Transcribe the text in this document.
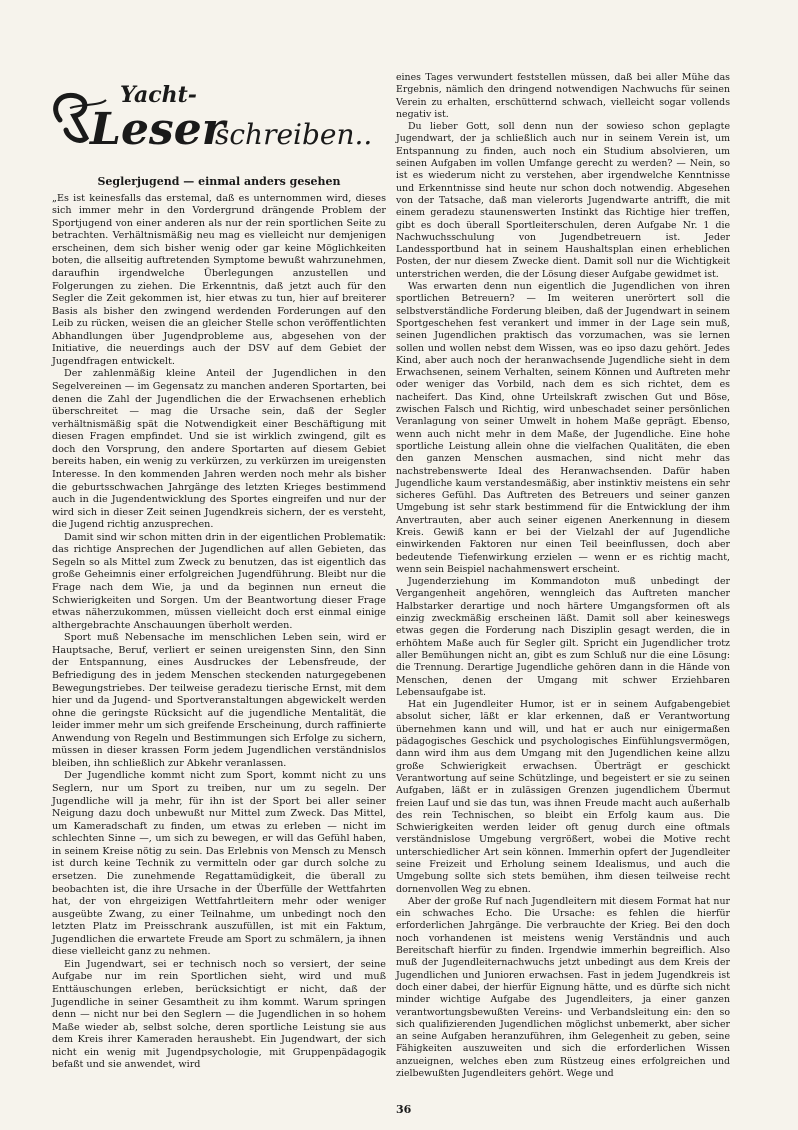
Yacht-
Leser
schreiben...
Seglerjugend — einmal anders gesehen

„Es ist keinesfalls das erstemal, daß es unternommen wird, dieses sich immer mehr in den Vordergrund drängende Problem der Sportjugend von einer anderen als nur der rein sportlichen Seite zu betrachten. Verhältnismäßig neu mag es vielleicht nur demjenigen erscheinen, dem sich bisher wenig oder gar keine Möglichkeiten boten, die allseitig auftretenden Symptome bewußt wahrzunehmen, daraufhin irgendwelche Überlegungen anzustellen und Folgerungen zu ziehen. Die Erkenntnis, daß jetzt auch für den Segler die Zeit gekommen ist, hier etwas zu tun, hier auf breiterer Basis als bisher den zwingend werdenden Forderungen auf den Leib zu rücken, weisen die an gleicher Stelle schon veröffentlichten Abhandlungen über Jugendprobleme aus, abgesehen von der Initiative, die neuerdings auch der DSV auf dem Gebiet der Jugendfragen entwickelt.

Der zahlenmäßig kleine Anteil der Jugendlichen in den Segelvereinen — im Gegensatz zu manchen anderen Sportarten, bei denen die Zahl der Jugendlichen die der Erwachsenen erheblich überschreitet — mag die Ursache sein, daß der Segler verhältnismäßig spät die Notwendigkeit einer Beschäftigung mit diesen Fragen empfindet. Und sie ist wirklich zwingend, gilt es doch den Vorsprung, den andere Sportarten auf diesem Gebiet bereits haben, ein wenig zu verkürzen, zu verkürzen im ureigensten Interesse. In den kommenden Jahren werden noch mehr als bisher die geburtsschwachen Jahrgänge des letzten Krieges bestimmend auch in die Jugendentwicklung des Sportes eingreifen und nur der wird sich in dieser Zeit seinen Jugendkreis sichern, der es versteht, die Jugend richtig anzusprechen.

Damit sind wir schon mitten drin in der eigentlichen Problematik: das richtige Ansprechen der Jugendlichen auf allen Gebieten, das Segeln so als Mittel zum Zweck zu benutzen, das ist eigentlich das große Geheimnis einer erfolgreichen Jugendführung. Bleibt nur die Frage nach dem Wie, ja und da beginnen nun erneut die Schwierigkeiten und Sorgen. Um der Beantwortung dieser Frage etwas näherzukommen, müssen vielleicht doch erst einmal einige althergebrachte Anschauungen überholt werden.

Sport muß Nebensache im menschlichen Leben sein, wird er Hauptsache, Beruf, verliert er seinen ureigensten Sinn, den Sinn der Entspannung, eines Ausdruckes der Lebensfreude, der Befriedigung des in jedem Menschen steckenden naturgegebenen Bewegungstriebes. Der teilweise geradezu tierische Ernst, mit dem hier und da Jugend- und Sportveranstaltungen abgewickelt werden ohne die geringste Rücksicht auf die jugendliche Mentalität, die leider immer mehr um sich greifende Erscheinung, durch raffinierte Anwendung von Regeln und Bestimmungen sich Erfolge zu sichern, müssen in dieser krassen Form jedem Jugendlichen verständnislos bleiben, ihn schließlich zur Abkehr veranlassen.

Der Jugendliche kommt nicht zum Sport, kommt nicht zu uns Seglern, nur um Sport zu treiben, nur um zu segeln. Der Jugendliche will ja mehr, für ihn ist der Sport bei aller seiner Neigung dazu doch unbewußt nur Mittel zum Zweck. Das Mittel, um Kameradschaft zu finden, um etwas zu erleben — nicht im schlechten Sinne —, um sich zu bewegen, er will das Gefühl haben, in seinem Kreise nötig zu sein. Das Erlebnis von Mensch zu Mensch ist durch keine Technik zu vermitteln oder gar durch solche zu ersetzen. Die zunehmende Regattamüdigkeit, die überall zu beobachten ist, die ihre Ursache in der Überfülle der Wettfahrten hat, der von ehrgeizigen Wettfahrtleitern mehr oder weniger ausgeübte Zwang, zu einer Teilnahme, um unbedingt noch den letzten Platz im Preisschrank auszufüllen, ist mit ein Faktum, Jugendlichen die erwartete Freude am Sport zu schmälern, ja ihnen diese vielleicht ganz zu nehmen.

Ein Jugendwart, sei er technisch noch so versiert, der seine Aufgabe nur im rein Sportlichen sieht, wird und muß Enttäuschungen erleben, berücksichtigt er nicht, daß der Jugendliche in seiner Gesamtheit zu ihm kommt. Warum springen denn — nicht nur bei den Seglern — die Jugendlichen in so hohem Maße wieder ab, selbst solche, deren sportliche Leistung sie aus dem Kreis ihrer Kameraden heraushebt. Ein Jugendwart, der sich nicht ein wenig mit Jugendpsychologie, mit Gruppenpädagogik befaßt und sie anwendet, wird

eines Tages verwundert feststellen müssen, daß bei aller Mühe das Ergebnis, nämlich den dringend notwendigen Nachwuchs für seinen Verein zu erhalten, erschütternd schwach, vielleicht sogar vollends negativ ist.

Du lieber Gott, soll denn nun der sowieso schon geplagte Jugendwart, der ja schließlich auch nur in seinem Verein ist, um Entspannung zu finden, auch noch ein Studium absolvieren, um seinen Aufgaben im vollen Umfange gerecht zu werden? — Nein, so ist es wiederum nicht zu verstehen, aber irgendwelche Kenntnisse und Erkenntnisse sind heute nur schon doch notwendig. Abgesehen von der Tatsache, daß man vielerorts Jugendwarte antrifft, die mit einem geradezu staunenswerten Instinkt das Richtige hier treffen, gibt es doch überall Sportleiterschulen, deren Aufgabe Nr. 1 die Nachwuchsschulung von Jugendbetreuern ist. Jeder Landessportbund hat in seinem Haushaltsplan einen erheblichen Posten, der nur diesem Zwecke dient. Damit soll nur die Wichtigkeit unterstrichen werden, die der Lösung dieser Aufgabe gewidmet ist.

Was erwarten denn nun eigentlich die Jugendlichen von ihren sportlichen Betreuern? — Im weiteren unerörtert soll die selbstverständliche Forderung bleiben, daß der Jugendwart in seinem Sportgeschehen fest verankert und immer in der Lage sein muß, seinen Jugendlichen praktisch das vorzumachen, was sie lernen sollen und wollen nebst dem Wissen, was eo ipso dazu gehört. Jedes Kind, aber auch noch der heranwachsende Jugendliche sieht in dem Erwachsenen, seinem Verhalten, seinem Können und Auftreten mehr oder weniger das Vorbild, nach dem es sich richtet, dem es nacheifert. Das Kind, ohne Urteilskraft zwischen Gut und Böse, zwischen Falsch und Richtig, wird unbeschadet seiner persönlichen Veranlagung von seiner Umwelt in hohem Maße geprägt. Ebenso, wenn auch nicht mehr in dem Maße, der Jugendliche. Eine hohe sportliche Leistung allein ohne die vielfachen Qualitäten, die eben den ganzen Menschen ausmachen, sind nicht mehr das nachstrebenswerte Ideal des Heranwachsenden. Dafür haben Jugendliche kaum verstandesmäßig, aber instinktiv meistens ein sehr sicheres Gefühl. Das Auftreten des Betreuers und seiner ganzen Umgebung ist sehr stark bestimmend für die Entwicklung der ihm Anvertrauten, aber auch seiner eigenen Anerkennung in diesem Kreis. Gewiß kann er bei der Vielzahl der auf Jugendliche einwirkenden Faktoren nur einen Teil beeinflussen, doch aber bedeutende Tiefenwirkung erzielen — wenn er es richtig macht, wenn sein Beispiel nachahmenswert erscheint.

Jugenderziehung im Kommandoton muß unbedingt der Vergangenheit angehören, wenngleich das Auftreten mancher Halbstarker derartige und noch härtere Umgangsformen oft als einzig zweckmäßig erscheinen läßt. Damit soll aber keineswegs etwas gegen die Forderung nach Disziplin gesagt werden, die in erhöhtem Maße auch für Segler gilt. Spricht ein Jugendlicher trotz aller Bemühungen nicht an, gibt es zum Schluß nur die eine Lösung: die Trennung. Derartige Jugendliche gehören dann in die Hände von Menschen, denen der Umgang mit schwer Erziehbaren Lebensaufgabe ist.

Hat ein Jugendleiter Humor, ist er in seinem Aufgabengebiet absolut sicher, läßt er klar erkennen, daß er Verantwortung übernehmen kann und will, und hat er auch nur einigermaßen pädagogisches Geschick und psychologisches Einfühlungsvermögen, dann wird ihm aus dem Umgang mit den Jugendlichen keine allzu große Schwierigkeit erwachsen. Überträgt er geschickt Verantwortung auf seine Schützlinge, und begeistert er sie zu seinen Aufgaben, läßt er in zulässigen Grenzen jugendlichem Übermut freien Lauf und sie das tun, was ihnen Freude macht auch außerhalb des rein Technischen, so bleibt ein Erfolg kaum aus. Die Schwierigkeiten werden leider oft genug durch eine oftmals verständnislose Umgebung vergrößert, wobei die Motive recht unterschiedlicher Art sein können. Immerhin opfert der Jugendleiter seine Freizeit und Erholung seinem Idealismus, und auch die Umgebung sollte sich stets bemühen, ihm diesen teilweise recht dornenvollen Weg zu ebnen.

Aber der große Ruf nach Jugendleitern mit diesem Format hat nur ein schwaches Echo. Die Ursache: es fehlen die hierfür erforderlichen Jahrgänge. Die verbrauchte der Krieg. Bei den doch noch vorhandenen ist meistens wenig Verständnis und auch Bereitschaft hierfür zu finden. Irgendwie immerhin begreiflich. Also muß der Jugendleiternachwuchs jetzt unbedingt aus dem Kreis der Jugendlichen und Junioren erwachsen. Fast in jedem Jugendkreis ist doch einer dabei, der hierfür Eignung hätte, und es dürfte sich nicht minder wichtige Aufgabe des Jugendleiters, ja einer ganzen verantwortungsbewußten Vereins- und Verbandsleitung ein: den so sich qualifizierenden Jugendlichen möglichst unbemerkt, aber sicher an seine Aufgaben heranzuführen, ihm Gelegenheit zu geben, seine Fähigkeiten auszuweiten und sich die erforderlichen Wissen anzueignen, welches eben zum Rüstzeug eines erfolgreichen und zielbewußten Jugendleiters gehört. Wege und

36
